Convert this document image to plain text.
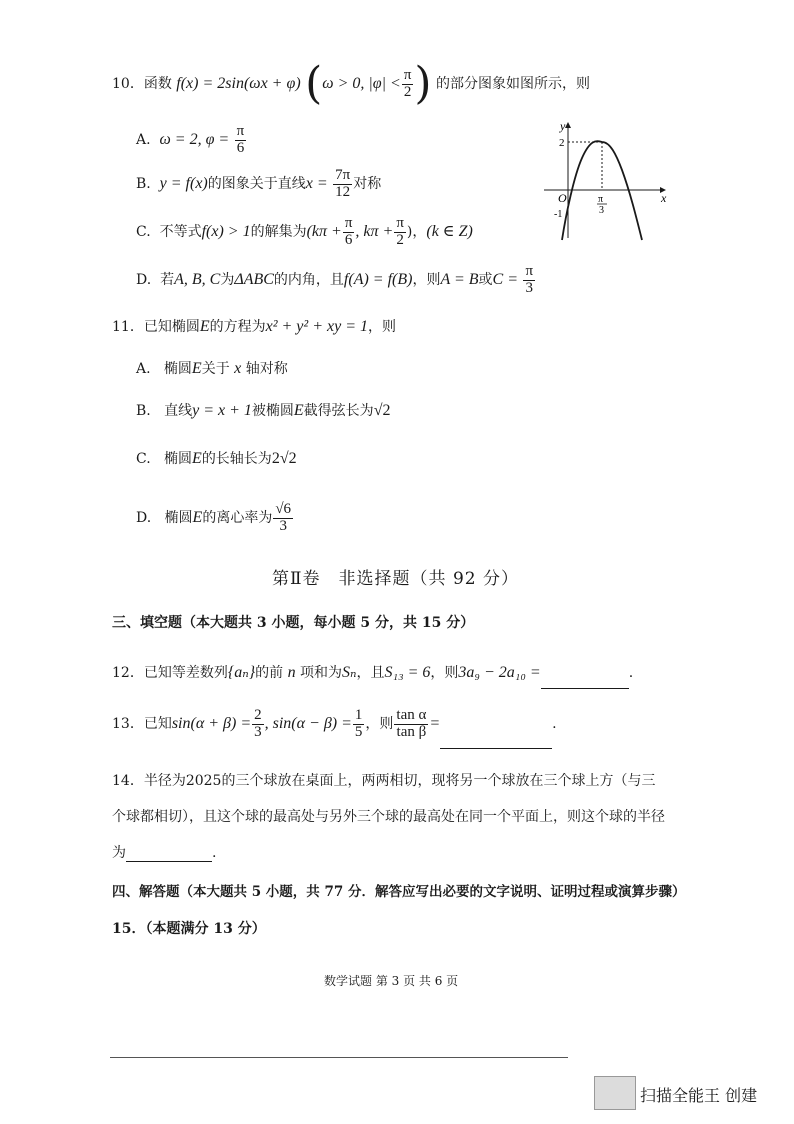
10．函数 f(x) = 2sin(ωx + φ) (ω > 0, $|\varphi| < \frac{\pi}{2}$ ) 的部分图象如图所示，则
A. ω = 2, $\varphi = \frac{\pi}{6}$
B. y = f(x)的图象关于直线$x = \frac{7\pi}{12}$ 对称
C. 不等式f(x) > 1的解集为($k\pi + \frac{\pi}{6}$ , $k\pi + \frac{\pi}{2}$ )，(k ∈ Z)
D. 若A, B, C为ΔABC的内角，且f(A) = f(B)，则A = B或$C = \frac{\pi}{3}$
y
x
O
2
-1
π
3
11．已知椭圆E的方程为x² + y² + xy = 1，则
A. 椭圆E关于 x 轴对称
B. 直线y = x + 1被椭圆E截得弦长为√2
C. 椭圆E的长轴长为2√2
D. 椭圆E的离心率为 $\frac{√6}{3}$
第Ⅱ卷　非选择题（共 92 分）
三、填空题（本大题共 3 小题，每小题 5 分，共 15 分）
12．已知等差数列{aₙ}的前 n 项和为Sₙ，且S₁₃ = 6，则3a₉ − 2a₁₀ =	.
13．已知$\sin(\alpha + \beta) = \frac{2}{3}$ , $\sin(\alpha - \beta) = \frac{1}{5}$ ，则 $\frac{\text{tan α}}{\text{tan β}}$ =	.
14．半径为2025的三个球放在桌面上，两两相切，现将另一个球放在三个球上方（与三
个球都相切），且这个球的最高处与另外三个球的最高处在同一个平面上，则这个球的半径
为	.
四、解答题（本大题共 5 小题，共 77 分．解答应写出必要的文字说明、证明过程或演算步骤）
15．（本题满分 13 分）
数学试题 第 3 页 共 6 页
扫描全能王 创建
